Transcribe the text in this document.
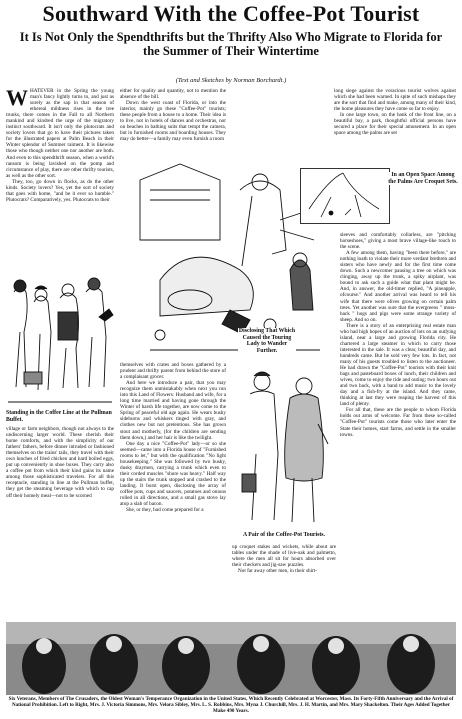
Southward With the Coffee-Pot Tourist
It Is Not Only the Spendthrifts but the Thrifty Also Who Migrate to Florida for the Summer of Their Wintertime
(Text and Sketches by Norman Borchardt.)
W HATEVER in the Spring the young man's fancy lightly turns to, and just as surely as the sap in that season of ethereal mildness rises in the tree trunks, there comes in the Fall to all Northern mankind and kindred the urge of the migratory instinct southward. It isn't only the plutocrats and society lovers that go to have their pictures taken for the illustrated papers at Palm Beach in their Winter splendor of Summer raiment. It is likewise those who though neither one nor another are both. And even to this spendthrift season, when a world's ransom is being lavished on the pomp and circumstance of play, there are other thrifty tourists, as well as the other sort.

They, too, go down in flocks, as do the other kinds. Society lovers? Yes, yet the sort of society that goes with home, "and be it ever so humble." Plutocrats? Comparatively, yes. Plutocrats to their

Standing in the Coffee Line at the Pullman Buffet.
village or farm neighbors, though not always to the undiscerning larger world. These cherish their home comforts, and with the simplicity of our fathers' fathers, before dinner intruded or fashioned themselves on the trains' tails, they travel with their own lunches of fried chicken and hard boiled eggs, put up conveniently in shoe boxes. They carry also a coffee pot from which their kind gains its name among those sophisticated travelers. For all this receptacle, standing in line at the Pullman buffet, they get the steaming beverage with which to cap off their homely meal—not to be scorned

either for quality and quantity, not to mention the absence of the bill.

Down the west coast of Florida, or into the interior, mainly go these "Coffee-Pot" tourists; these people from a house to a home. Their idea is to live, not in hotels of dances and orchestras, nor on beaches in bathing suits that tempt the camera, but in furnished rooms and boarding houses. They may do better—a family may even furnish a room

Disclosing That Which Caused the Touring Lady to Wander Further.
In an Open Space Among the Palms Are Croquet Sets.

long siege against the voracious tourist wolves against which she had been warned. In spite of such mishaps they are the sort that find and make, among many of their kind, the home pleasures they have come so far to enjoy.

In one large town, on the bank of the front line, on a beautiful bay, a park, thoughtful official persons have secured a place for their special amusement. In an open space among the palms are set

themselves with crates and boxes gathered by a prudent and thrifty parent from behind the store of a complaisant grocer.

And here we introduce a pair, that you may recognize them unmistakably when next you run into this Land of Flowers: Husband and wife, for a long time married and having gone through the Winter of harsh life together, are now come to the Spring of peaceful old age again. He wears bushy sideburns and whiskers tinged with gray, and clothes new but not pretentious. She has grown stout and motherly, (for the children are sending them down,) and her hair is like the twilight.

One day a nice "Coffee-Pot" lady—or so she seemed—came into a Florida house of "Furnished rooms to let," but with the qualification "No light housekeeping." She was followed by two husky, dusky draymen, carrying a trunk which even to their corded muscles "shure was heavy." Half way up the stairs the trunk stopped and crashed to the landing. It burst open, disclosing the array of coffee pots, cups and saucers, potatoes and onions rolled in all directions, and a small gas stove lay atop a slab of bacon.

She, or they, had come prepared for a

A Pair of the Coffee-Pot Tourists.

up croquet stakes and wickets, while about are tables under the shade of live-oak and palmetto, where the men all sit for hours absorbed over their checkers and jig-saw puzzles.

Not far away other men, in their shirt-

sleeves and comfortably collarless, are "pitching horseshoes," giving a most brave village-like touch to the scene.

A few among them, having "been there before," are nothing loath to violate their more verdant brethren and sisters who have newly and for the first time come down. Such a newcomer pausing a tree on which was clinging, away up the trunk, a spiky airplant, was bound to ask such a guide what that plant might be. And, in answer, the old-timer replied, "A pineapple, ofcourse." And another arrival was heard to tell his wife that there were olives growing on certain palm trees. Yet another was sure that the evergreens " moss-back " hogs and pigs were some strange variety of sheep. And so on.

There is a story of an enterprising real estate man who had high hopes of an auction of lots on an outlying island, near a large and growing Florida city. He chartered a large steamer in which to carry those interested in the sale. It was a clear, beautiful day, and hundreds came. But he sold very few lots. In fact, not many of his guests troubled to listen to the auctioneer. He had drawn the "Coffee-Pot" tourists with their knit bags and pasteboard boxes of lunch, their children and wives, come to enjoy the ride and outing; two hours out and two back, with a band to add music to the lovely day and a fish-fry at the island. And they came, thinking at last they were reaping the harvest of this land of plenty.

For all that, these are the people to whom Florida holds out arms of welcome. Far from these so-called "Coffee-Pot" tourists come those who later enter the State their homes, start farms, and settle in the smaller towns.

Six Veterans, Members of The Crusaders, the Oldest Woman's Temperance Organization in the United States, Which Recently Celebrated at Worcester, Mass. Its Forty-Fifth Anniversary and the Arrival of National Prohibition. Left to Right, Mrs. J. Victoria Simmons, Mrs. Velora Sibley, Mrs. L. S. Robbins, Mrs. Myna J. Churchill, Mrs. J. H. Martin, and Mrs. Mary Shackelton. Their Ages Added Together Make 490 Years.
